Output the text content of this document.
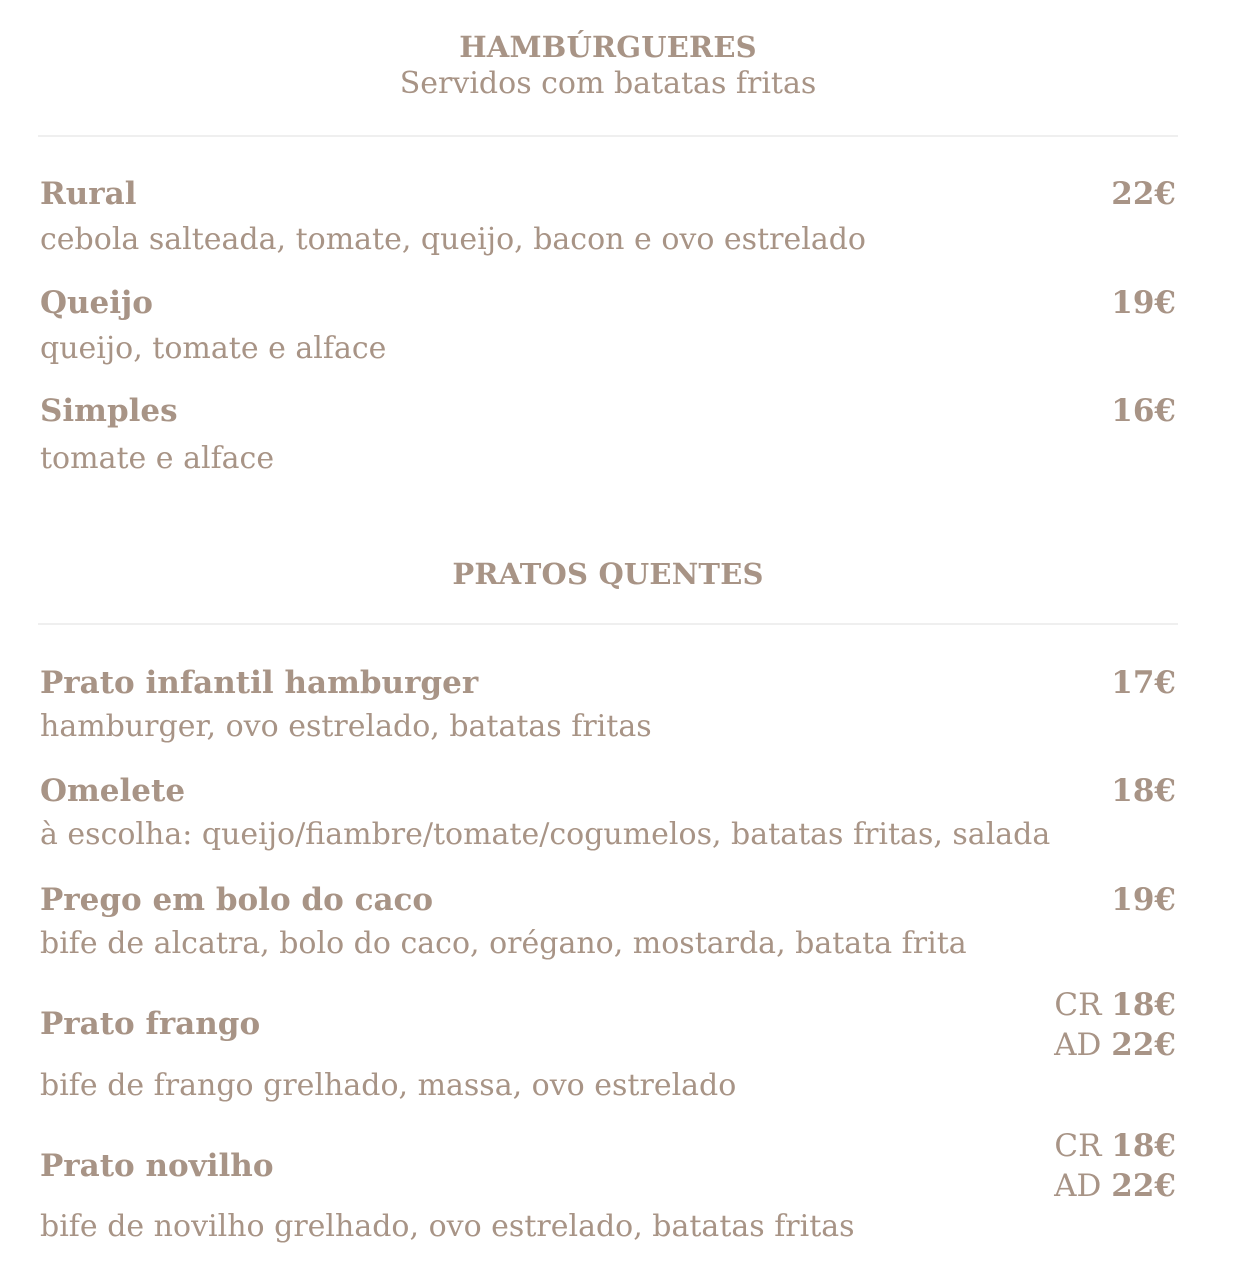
HAMBÚRGUERES
Servidos com batatas fritas
Rural	22€
cebola salteada, tomate, queijo, bacon e ovo estrelado
Queijo	19€
queijo, tomate e alface
Simples	16€
tomate e alface
PRATOS QUENTES
Prato infantil hamburger	17€
hamburger, ovo estrelado, batatas fritas
Omelete	18€
à escolha: queijo/fiambre/tomate/cogumelos, batatas fritas, salada
Prego em bolo do caco	19€
bife de alcatra, bolo do caco, orégano, mostarda, batata frita
Prato frango
CR 18€
AD 22€
bife de frango grelhado, massa, ovo estrelado
Prato novilho
CR 18€
AD 22€
bife de novilho grelhado, ovo estrelado, batatas fritas
